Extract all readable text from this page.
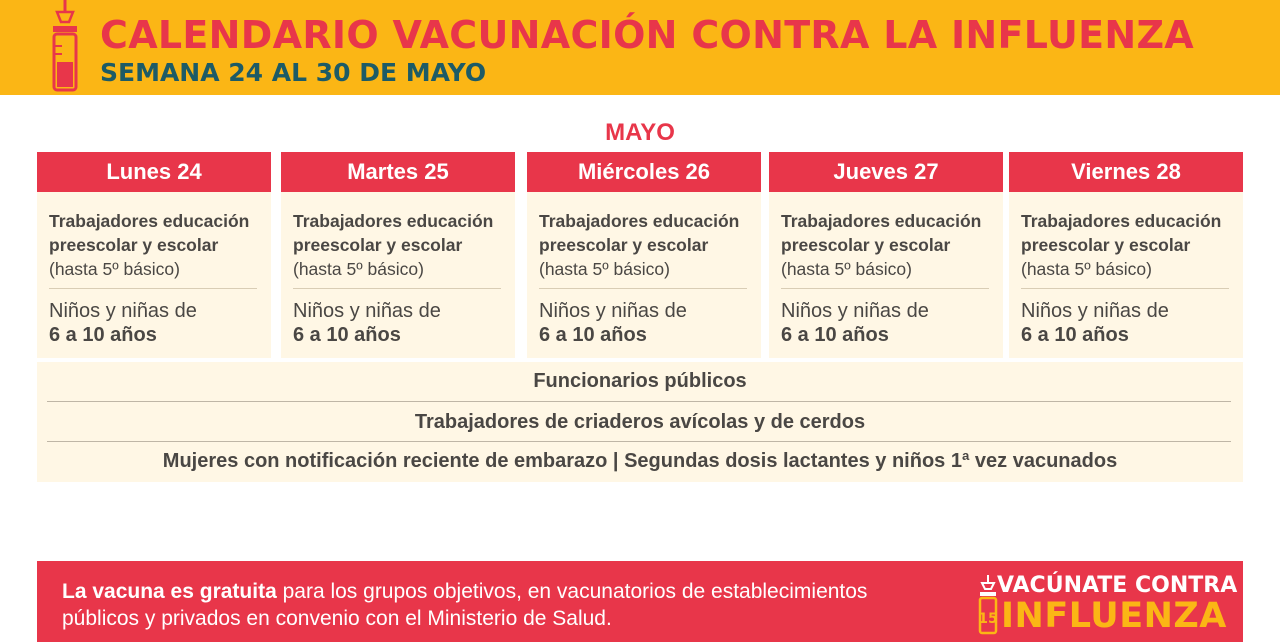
CALENDARIO VACUNACIÓN CONTRA LA INFLUENZA
SEMANA 24 AL 30 DE MAYO
MAYO
Lunes 24
Trabajadores educación preescolar y escolar (hasta 5º básico)
Niños y niñas de
6 a 10 años
Martes 25
Trabajadores educación preescolar y escolar (hasta 5º básico)
Niños y niñas de
6 a 10 años
Miércoles 26
Trabajadores educación preescolar y escolar (hasta 5º básico)
Niños y niñas de
6 a 10 años
Jueves 27
Trabajadores educación preescolar y escolar (hasta 5º básico)
Niños y niñas de
6 a 10 años
Viernes 28
Trabajadores educación preescolar y escolar (hasta 5º básico)
Niños y niñas de
6 a 10 años
Funcionarios públicos
Trabajadores de criaderos avícolas y de cerdos
Mujeres con notificación reciente de embarazo | Segundas dosis lactantes y niños 1ª vez vacunados
La vacuna es gratuita para los grupos objetivos, en vacunatorios de establecimientos públicos y privados en convenio con el Ministerio de Salud.	15
VACÚNATE CONTRA
INFLUENZA
